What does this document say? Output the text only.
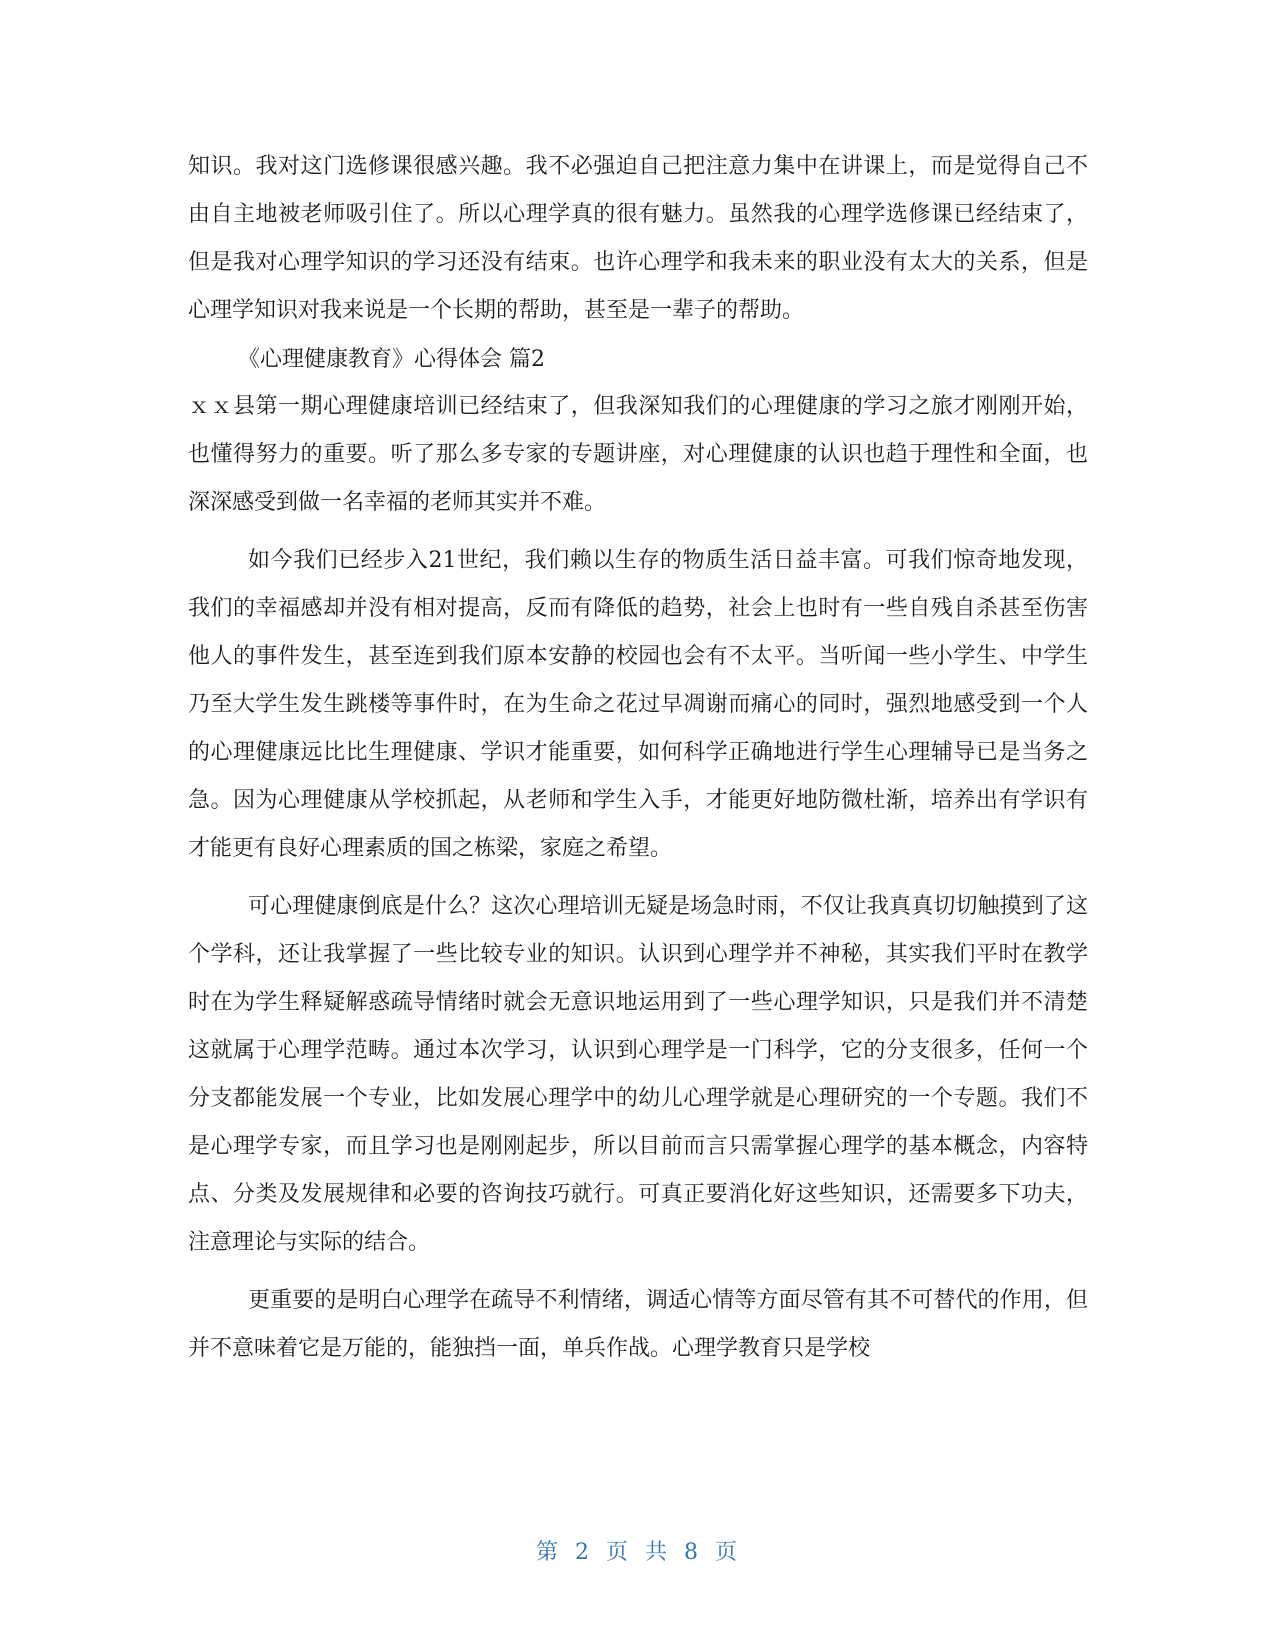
知识。我对这门选修课很感兴趣。我不必强迫自己把注意力集中在讲课上，而是觉得自己不由自主地被老师吸引住了。所以心理学真的很有魅力。虽然我的心理学选修课已经结束了，但是我对心理学知识的学习还没有结束。也许心理学和我未来的职业没有太大的关系，但是心理学知识对我来说是一个长期的帮助，甚至是一辈子的帮助。

《心理健康教育》心得体会 篇2

ｘｘ县第一期心理健康培训已经结束了，但我深知我们的心理健康的学习之旅才刚刚开始，也懂得努力的重要。听了那么多专家的专题讲座，对心理健康的认识也趋于理性和全面，也深深感受到做一名幸福的老师其实并不难。

如今我们已经步入21世纪，我们赖以生存的物质生活日益丰富。可我们惊奇地发现，我们的幸福感却并没有相对提高，反而有降低的趋势，社会上也时有一些自残自杀甚至伤害他人的事件发生，甚至连到我们原本安静的校园也会有不太平。当听闻一些小学生、中学生乃至大学生发生跳楼等事件时，在为生命之花过早凋谢而痛心的同时，强烈地感受到一个人的心理健康远比比生理健康、学识才能重要，如何科学正确地进行学生心理辅导已是当务之急。因为心理健康从学校抓起，从老师和学生入手，才能更好地防微杜渐，培养出有学识有才能更有良好心理素质的国之栋梁，家庭之希望。

可心理健康倒底是什么？这次心理培训无疑是场急时雨，不仅让我真真切切触摸到了这个学科，还让我掌握了一些比较专业的知识。认识到心理学并不神秘，其实我们平时在教学时在为学生释疑解惑疏导情绪时就会无意识地运用到了一些心理学知识，只是我们并不清楚这就属于心理学范畴。通过本次学习，认识到心理学是一门科学，它的分支很多，任何一个分支都能发展一个专业，比如发展心理学中的幼儿心理学就是心理研究的一个专题。我们不是心理学专家，而且学习也是刚刚起步，所以目前而言只需掌握心理学的基本概念，内容特点、分类及发展规律和必要的咨询技巧就行。可真正要消化好这些知识，还需要多下功夫，注意理论与实际的结合。

更重要的是明白心理学在疏导不利情绪，调适心情等方面尽管有其不可替代的作用，但并不意味着它是万能的，能独挡一面，单兵作战。心理学教育只是学校

第 2 页 共 8 页
